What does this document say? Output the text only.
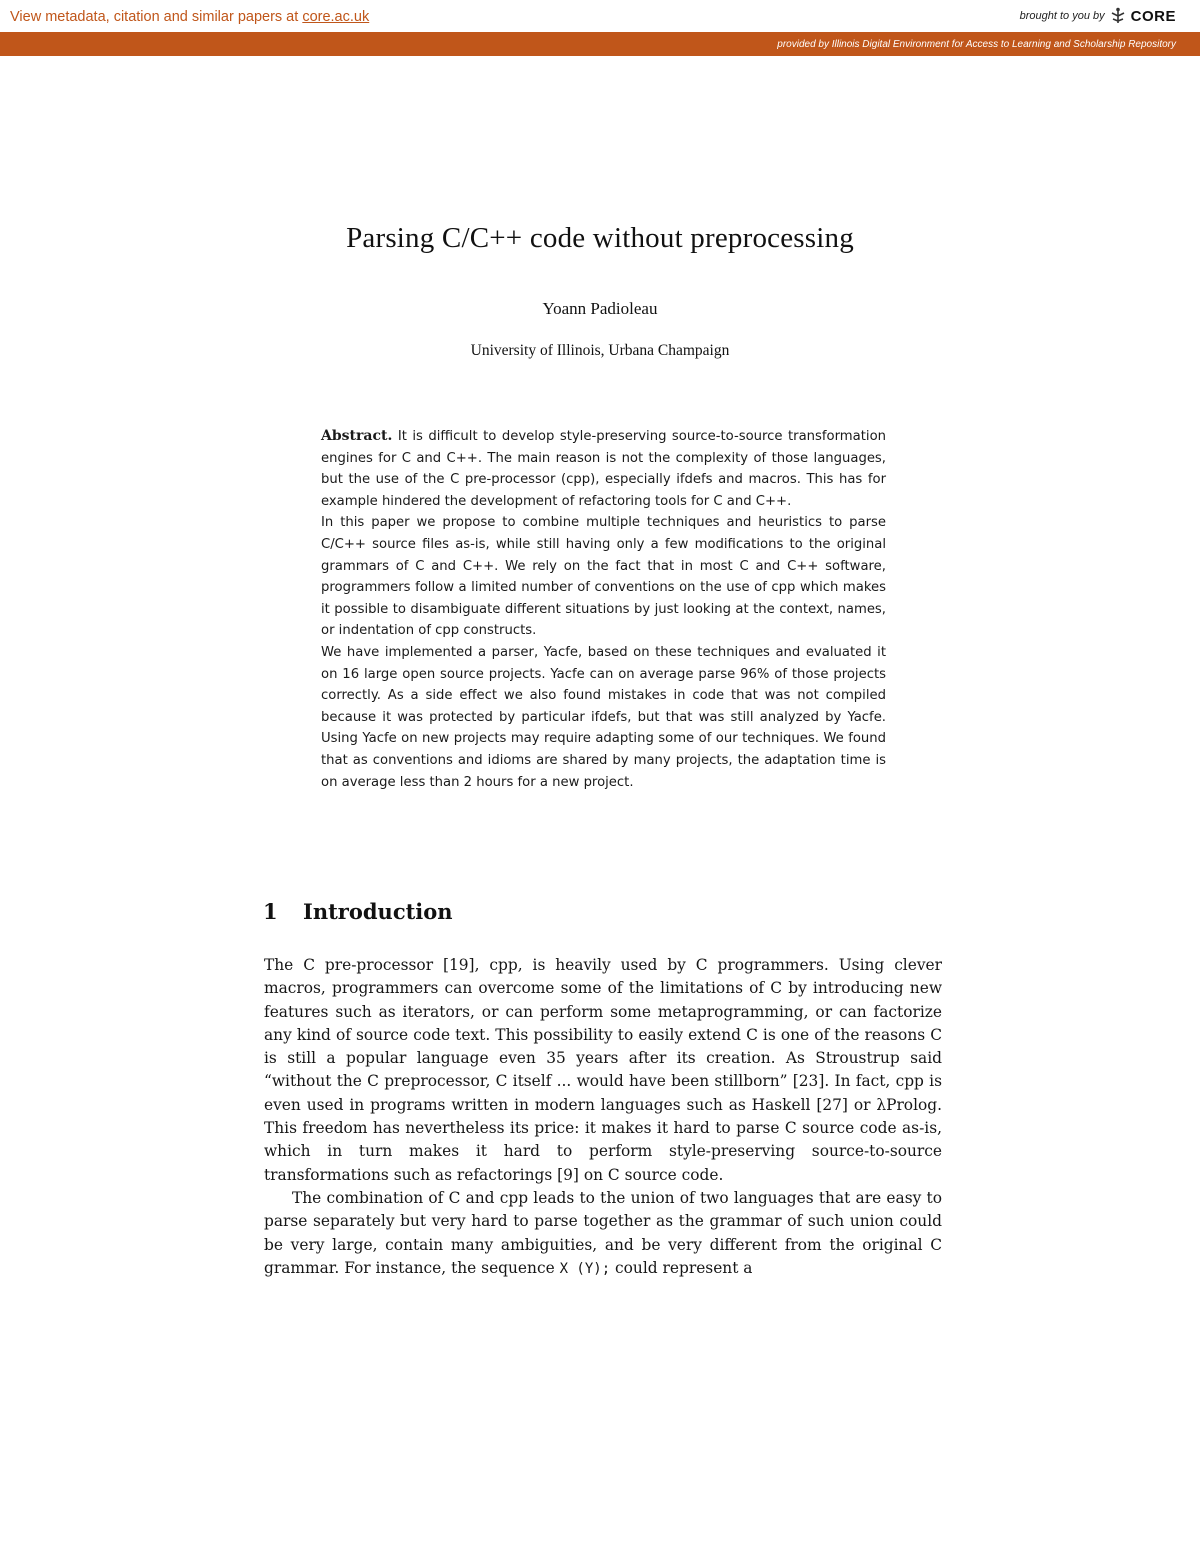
View metadata, citation and similar papers at core.ac.uk	brought to you by CORE
provided by Illinois Digital Environment for Access to Learning and Scholarship Repository
Parsing C/C++ code without preprocessing
Yoann Padioleau
University of Illinois, Urbana Champaign

Abstract. It is difficult to develop style-preserving source-to-source transformation engines for C and C++. The main reason is not the complexity of those languages, but the use of the C pre-processor (cpp), especially ifdefs and macros. This has for example hindered the development of refactoring tools for C and C++.

In this paper we propose to combine multiple techniques and heuristics to parse C/C++ source files as-is, while still having only a few modifications to the original grammars of C and C++. We rely on the fact that in most C and C++ software, programmers follow a limited number of conventions on the use of cpp which makes it possible to disambiguate different situations by just looking at the context, names, or indentation of cpp constructs.

We have implemented a parser, Yacfe, based on these techniques and evaluated it on 16 large open source projects. Yacfe can on average parse 96% of those projects correctly. As a side effect we also found mistakes in code that was not compiled because it was protected by particular ifdefs, but that was still analyzed by Yacfe. Using Yacfe on new projects may require adapting some of our techniques. We found that as conventions and idioms are shared by many projects, the adaptation time is on average less than 2 hours for a new project.

1 Introduction

The C pre-processor [19], cpp, is heavily used by C programmers. Using clever macros, programmers can overcome some of the limitations of C by introducing new features such as iterators, or can perform some metaprogramming, or can factorize any kind of source code text. This possibility to easily extend C is one of the reasons C is still a popular language even 35 years after its creation. As Stroustrup said “without the C preprocessor, C itself ... would have been stillborn” [23]. In fact, cpp is even used in programs written in modern languages such as Haskell [27] or λProlog. This freedom has nevertheless its price: it makes it hard to parse C source code as-is, which in turn makes it hard to perform style-preserving source-to-source transformations such as refactorings [9] on C source code.

The combination of C and cpp leads to the union of two languages that are easy to parse separately but very hard to parse together as the grammar of such union could be very large, contain many ambiguities, and be very different from the original C grammar. For instance, the sequence X (Y); could represent a
